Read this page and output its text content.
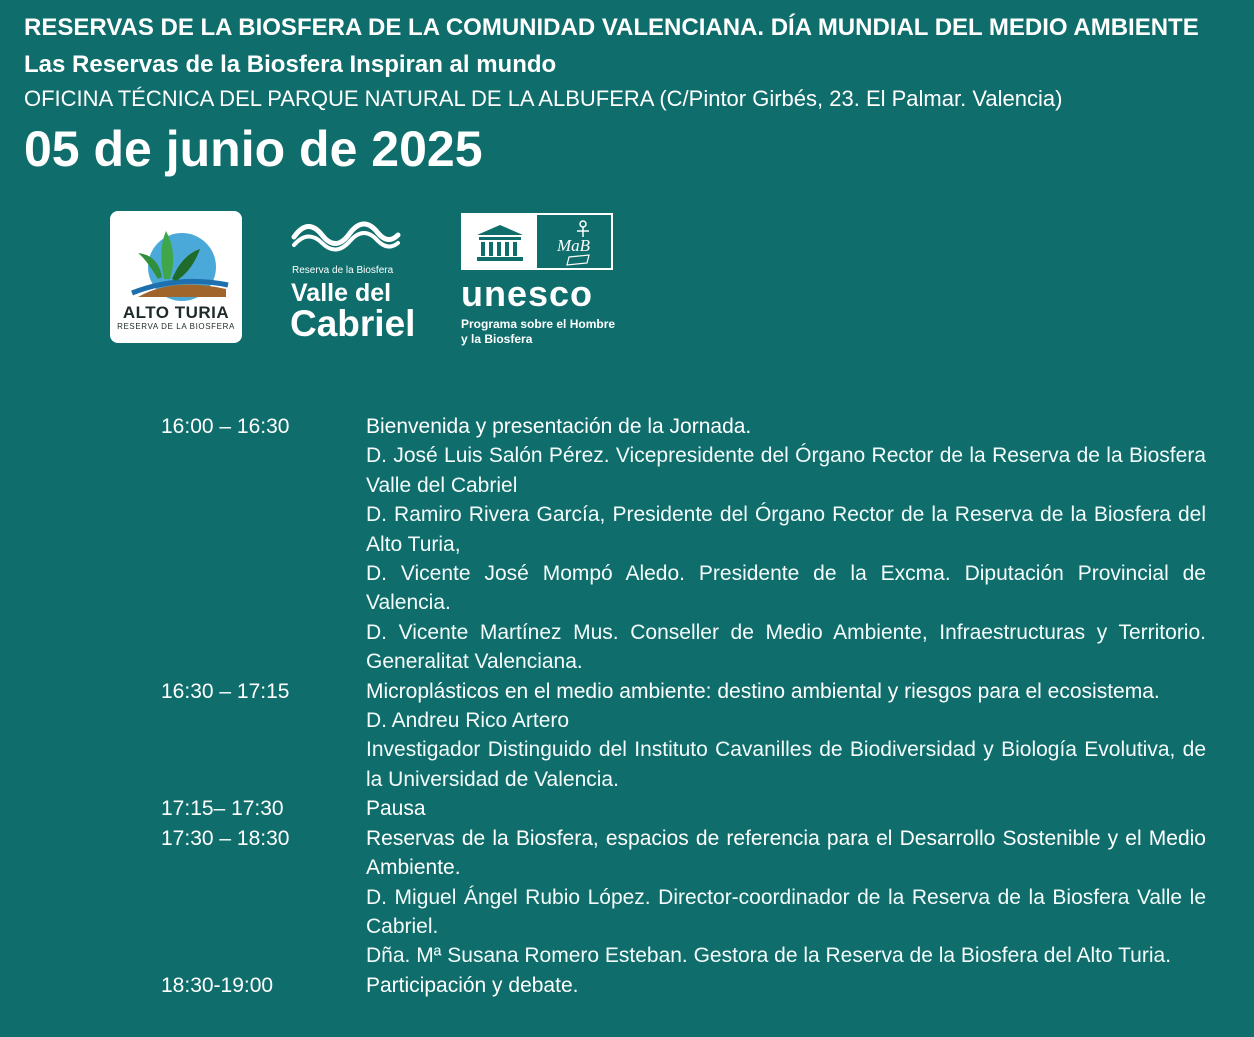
RESERVAS DE LA BIOSFERA DE LA COMUNIDAD VALENCIANA. DÍA MUNDIAL DEL MEDIO AMBIENTE
Las Reservas de la Biosfera Inspiran al mundo
OFICINA TÉCNICA DEL PARQUE NATURAL DE LA ALBUFERA (C/Pintor Girbés, 23. El Palmar. Valencia)
05 de junio de 2025
ALTO TURIA
RESERVA DE LA BIOSFERA
Reserva de la Biosfera
Valle del
Cabriel
MaB
unesco
Programa sobre el Hombre
y la Biosfera
16:00 – 16:30	Bienvenida y presentación de la Jornada.
D. José Luis Salón Pérez. Vicepresidente del Órgano Rector de la Reserva de la Biosfera Valle del Cabriel
D. Ramiro Rivera García, Presidente del Órgano Rector de la Reserva de la Biosfera del Alto Turia,
D. Vicente José Mompó Aledo. Presidente de la Excma. Diputación Provincial de Valencia.
D. Vicente Martínez Mus. Conseller de Medio Ambiente, Infraestructuras y Territorio. Generalitat Valenciana.
16:30 – 17:15	Microplásticos en el medio ambiente: destino ambiental y riesgos para el ecosistema.
D. Andreu Rico Artero
Investigador Distinguido del Instituto Cavanilles de Biodiversidad y Biología Evolutiva, de la Universidad de Valencia.
17:15– 17:30	Pausa
17:30 – 18:30	Reservas de la Biosfera, espacios de referencia para el Desarrollo Sostenible y el Medio Ambiente.
D. Miguel Ángel Rubio López. Director-coordinador de la Reserva de la Biosfera Valle le Cabriel.
Dña. Mª Susana Romero Esteban. Gestora de la Reserva de la Biosfera del Alto Turia.
18:30-19:00	Participación y debate.
